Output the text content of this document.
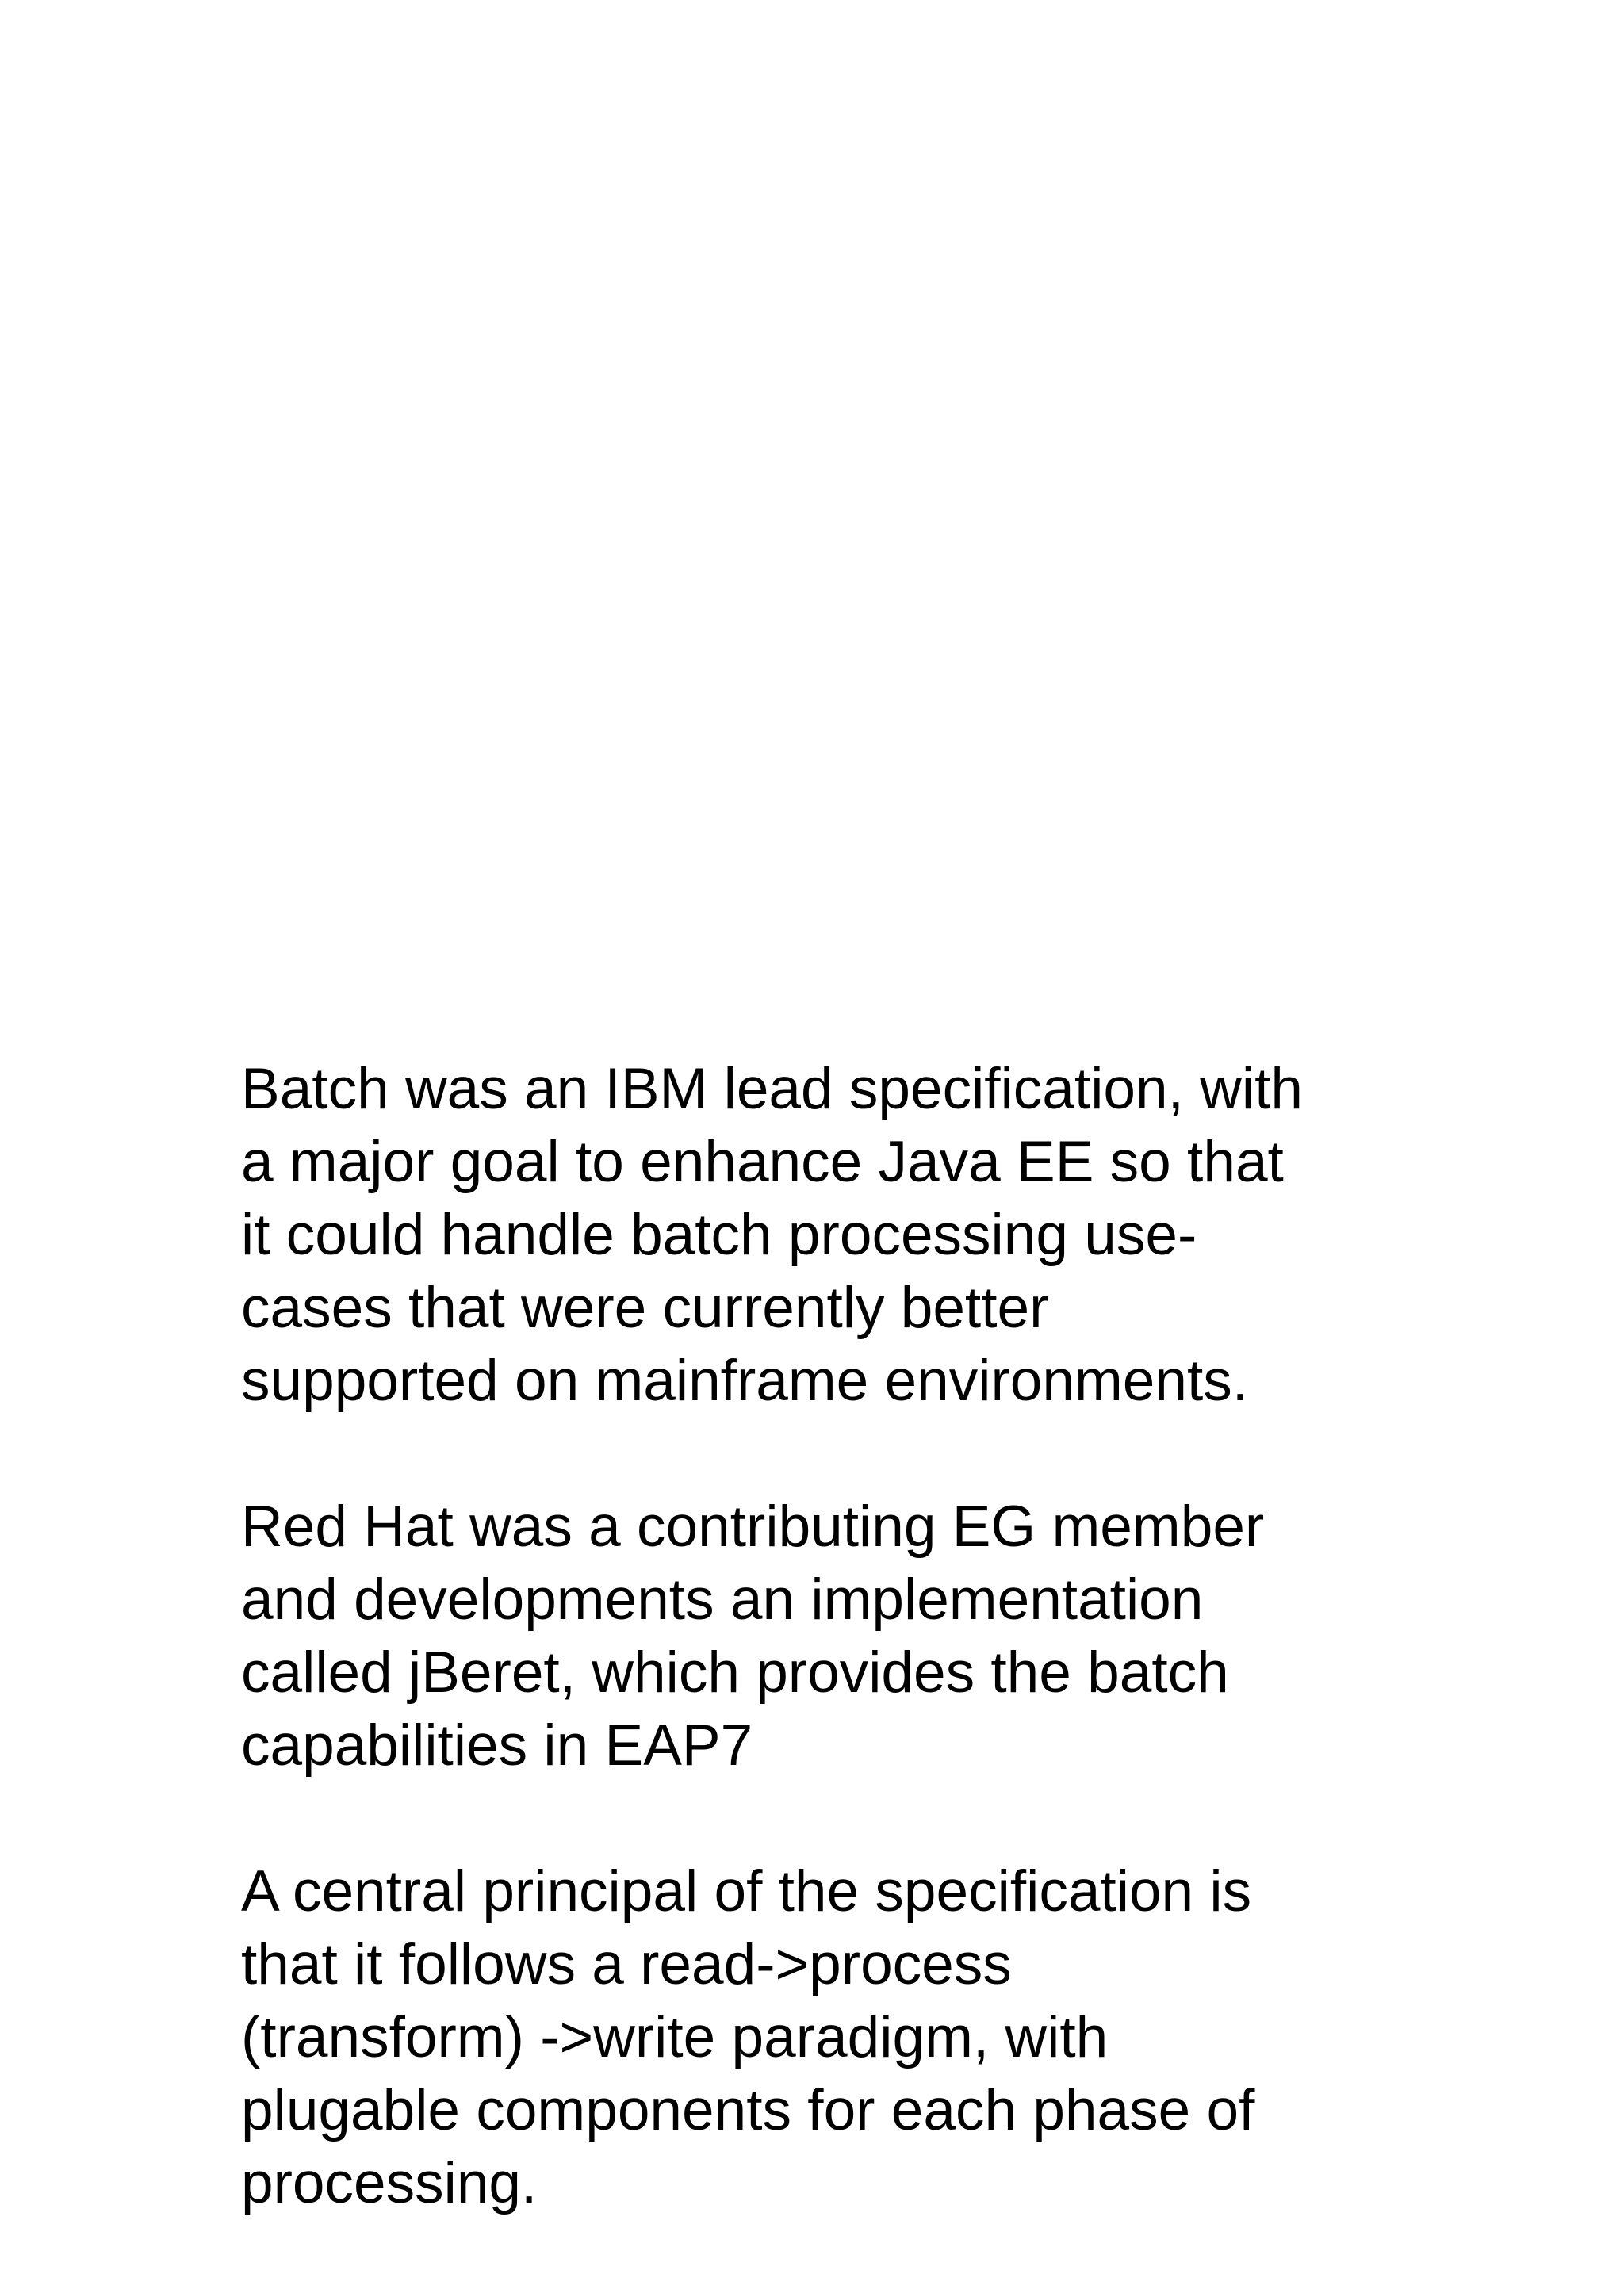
Batch was an IBM lead specification, with
a major goal to enhance Java EE so that
it could handle batch processing use-
cases that were currently better
supported on mainframe environments.

Red Hat was a contributing EG member
and developments an implementation
called jBeret, which provides the batch
capabilities in EAP7

A central principal of the specification is
that it follows a read->process
(transform) ->write paradigm, with
plugable components for each phase of
processing.
